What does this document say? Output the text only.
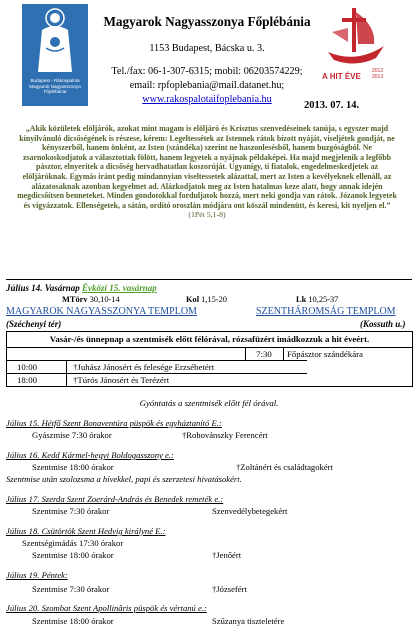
Budapest - Rákospalota Magyarok Nagyasszonya Főplébánia
Magyarok Nagyasszonya Főplébánia
1153 Budapest, Bácska u. 3.
Tel./fax: 06-1-307-6315; mobil: 06203574229;
email: rpfoplebania@mail.datanet.hu;
www.rakospalotaifoplebania.hu
A HIT ÉVE
2012 2013
2013. 07. 14.
„Akik közületek elöljárók, azokat mint magam is elöljáró és Krisztus szenvedéseinek tanúja, s egyszer majd kinyilvánuló dicsőségének is részese, kérem: Legeltessétek az Istennek rátok bízott nyáját, viseljétek gondját, ne kényszerből, hanem önként, az Isten (szándéka) szerint ne haszonlesésből, hanem buzgóságból. Ne zsarnokoskodjatok a választottak fölött, hanem legyetek a nyájnak példaképei. Ha majd megjelenik a legfőbb pásztor, elnyeritek a dicsőség hervadhatatlan koszorúját. Ugyanígy, ti fiatalok, engedelmeskedjetek az elöljáróknak. Egymás iránt pedig mindannyian viseltessetek alázattal, mert az Isten a kevélyeknek ellenáll, az alázatosaknak azonban kegyelmet ad. Alázkodjatok meg az Isten hatalmas keze alatt, hogy annak idején megdicsőítsen benneteket. Minden gondotokkal forduljatok hozzá, mert neki gondja van rátok. Józanok legyetek és vigyázzatok. Ellenségetek, a sátán, ordító oroszlán módjára ont köszál mindenütt, és keresi, kit nyeljen el.”
(1Pét 5,1-8)
Július 14. Vasárnap Évközi 15. vasárnap
MTörv 30,10-14	Kol 1,15-20	Lk 10,25-37
MAGYAROK NAGYASSZONYA TEMPLOM	SZENTHÁROMSÁG TEMPLOM
(Széchenyi tér)	(Kossuth u.)
Vasár-/és ünnepnap a szentmisék előtt félórával, rózsafüzért imádkozzuk a hit éveért.
7:30	Főpásztor szándékára
10:00	†Juhász Jánosért és felesége Erzsébetért
18:00	†Túrós Jánosért és Terézért
Gyóntatás a szentmisék előtt fél órával.
Július 15. Hétfő Szent Bonaventúra püspök és egyháztanító E.:
Gyászmise 7:30 órakor	†Rohovánszky Ferencért
Július 16. Kedd Kármel-hegyi Boldogasszony e.:
Szentmise 18:00 órakor	†Zoltánért és családtagokért
Szentmise után szolozsma a hívekkel, papi és szerzetesi hivatásokért.
Július 17. Szerda Szent Zoerárd-András és Benedek remeték e.:
Szentmise 7:30 órakor	Szenvedélybetegekért
Július 18. Csütörtök Szent Hedvig királyné E.:
Szentségimádás 17:30 órakor
Szentmise 18:00 órakor	†Jenőért
Július 19. Péntek:
Szentmise 7:30 órakor	†Józsefért
Július 20. Szombat Szent Apollinâris püspök és vértanú e.:
Szentmise 18:00 órakor	Szűzanya tiszteletére
